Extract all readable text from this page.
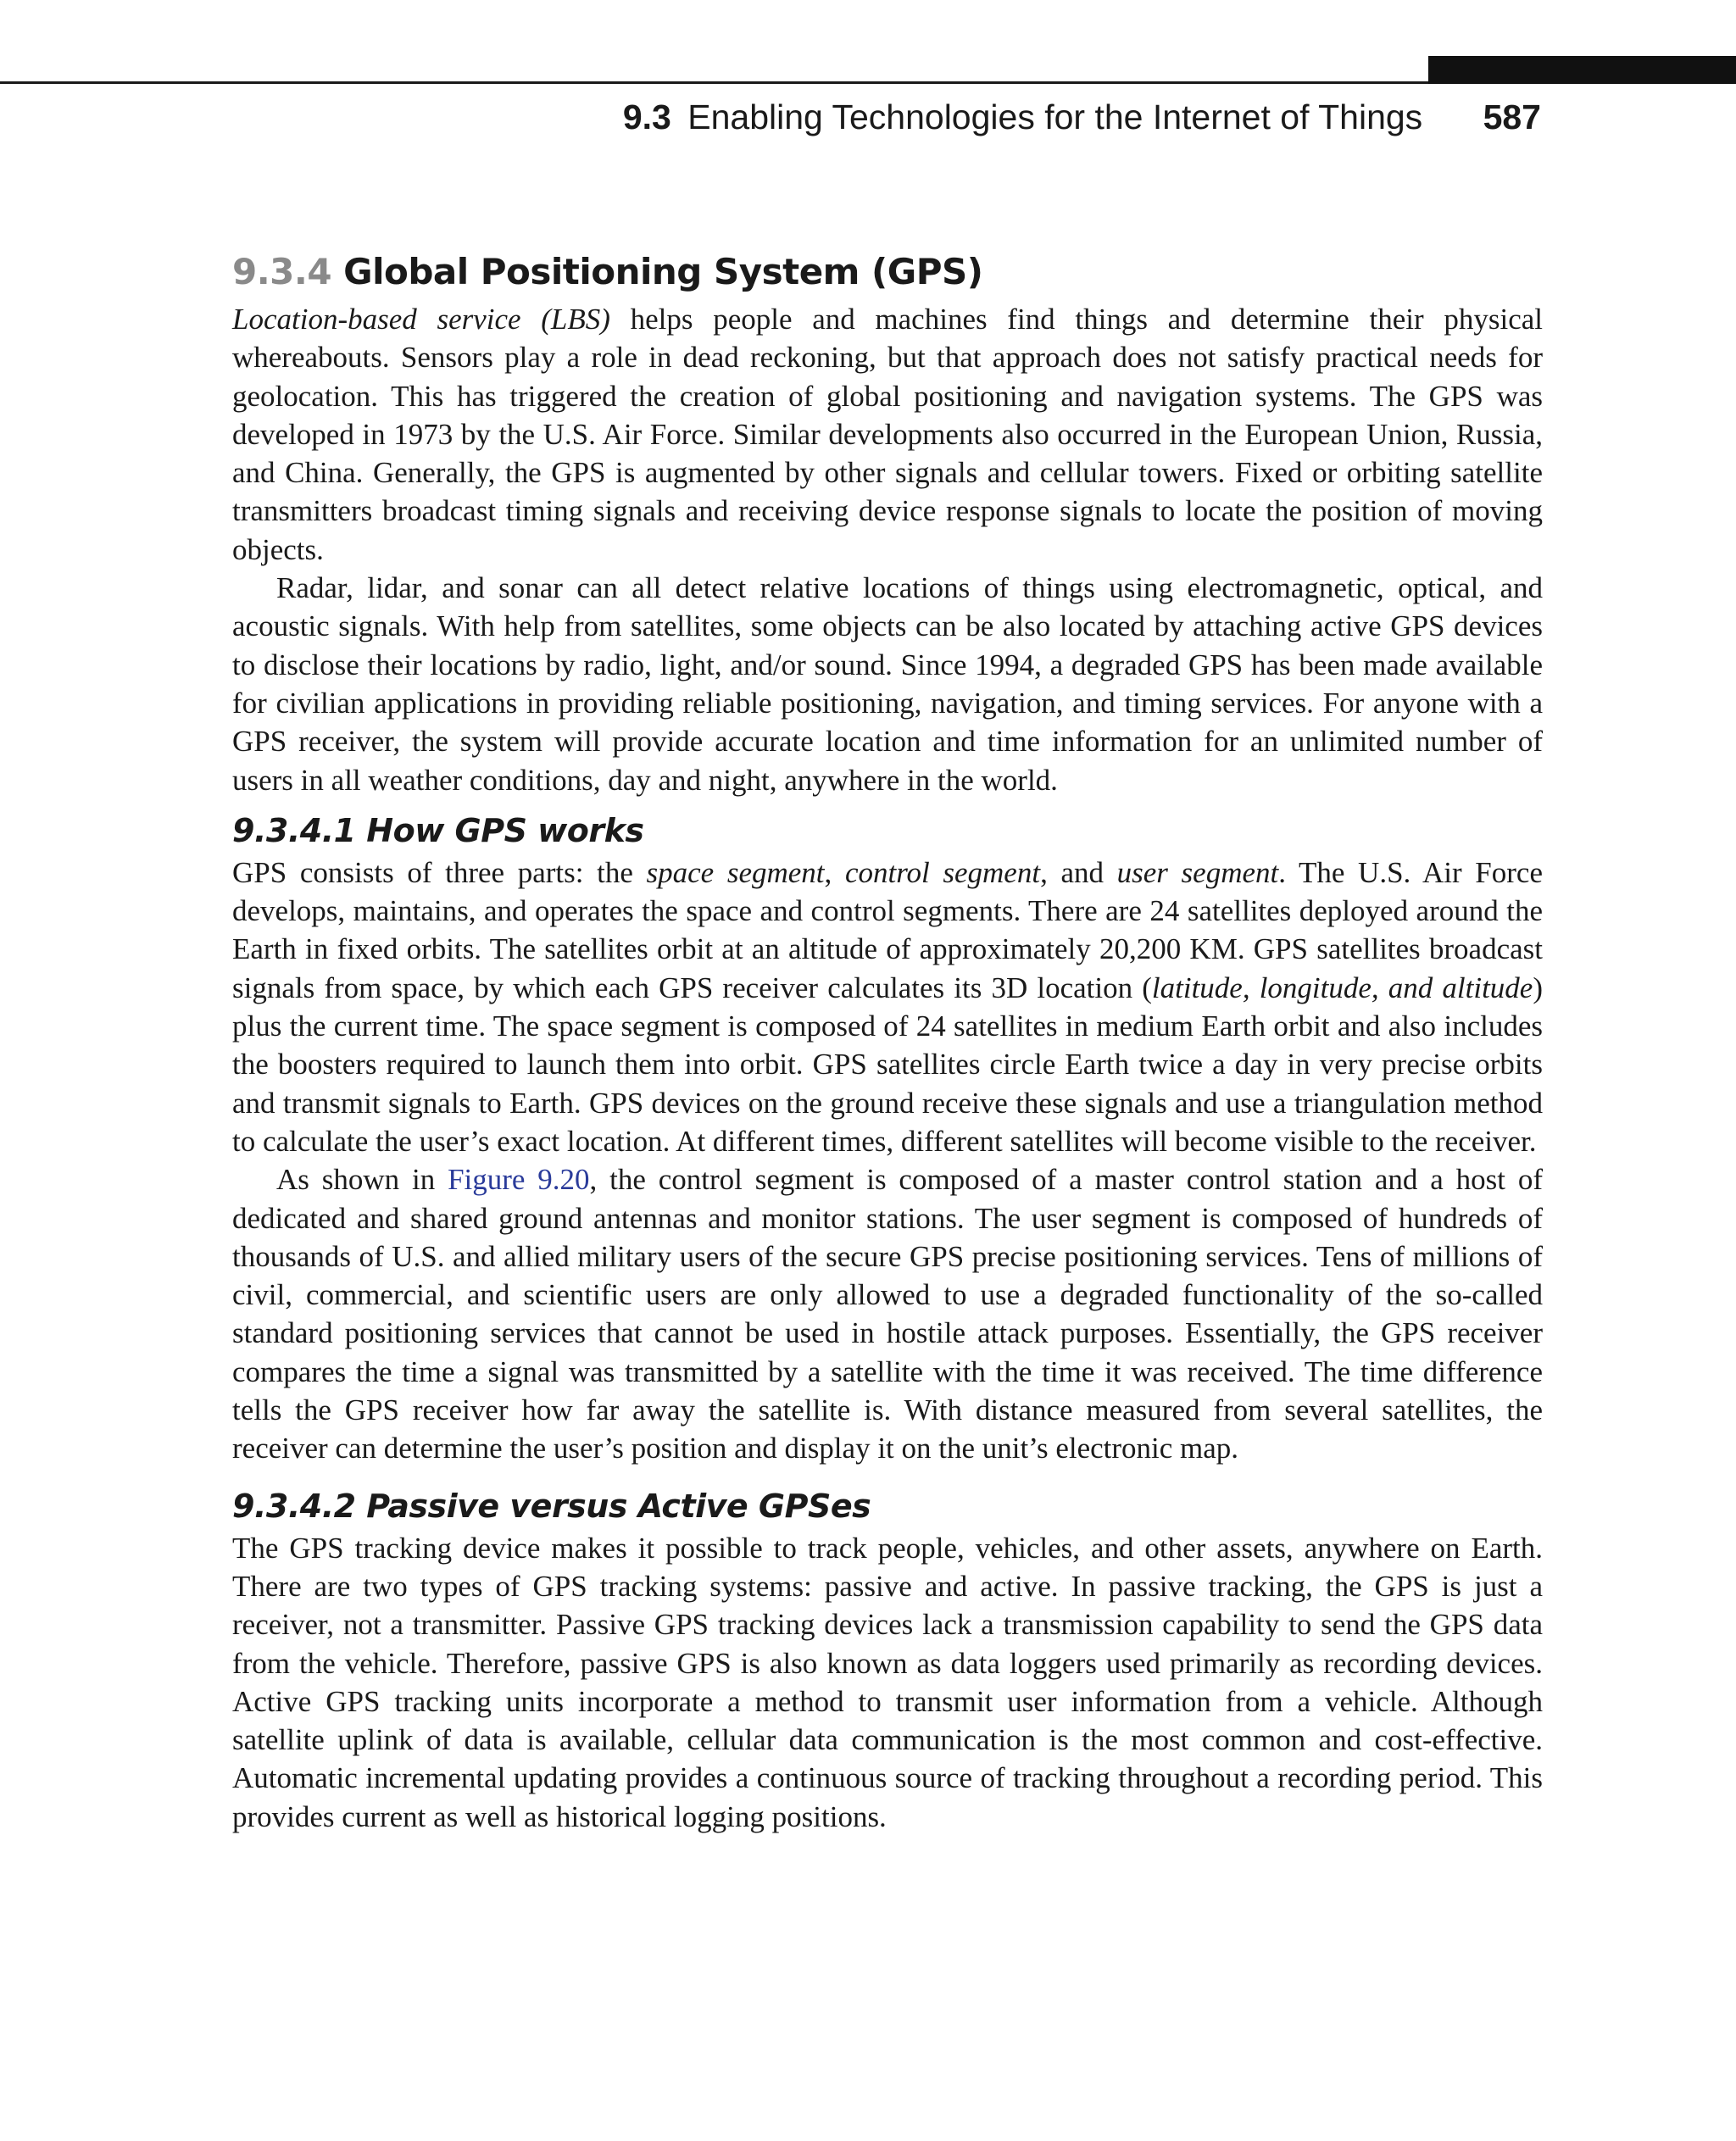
9.3 Enabling Technologies for the Internet of Things 587
9.3.4 Global Positioning System (GPS)

Location-based service (LBS) helps people and machines find things and determine their physical whereabouts. Sensors play a role in dead reckoning, but that approach does not satisfy practical needs for geolocation. This has triggered the creation of global positioning and navigation systems. The GPS was developed in 1973 by the U.S. Air Force. Similar developments also occurred in the European Union, Russia, and China. Generally, the GPS is augmented by other signals and cellular towers. Fixed or orbiting satellite transmitters broadcast timing signals and receiving device response signals to locate the position of moving objects.

Radar, lidar, and sonar can all detect relative locations of things using electromagnetic, optical, and acoustic signals. With help from satellites, some objects can be also located by attaching active GPS devices to disclose their locations by radio, light, and/or sound. Since 1994, a degraded GPS has been made available for civilian applications in providing reliable positioning, navigation, and timing services. For anyone with a GPS receiver, the system will provide accurate location and time information for an unlimited number of users in all weather conditions, day and night, anywhere in the world.

9.3.4.1 How GPS works

GPS consists of three parts: the space segment, control segment, and user segment. The U.S. Air Force develops, maintains, and operates the space and control segments. There are 24 satellites deployed around the Earth in fixed orbits. The satellites orbit at an altitude of approximately 20,200 KM. GPS satellites broadcast signals from space, by which each GPS receiver calculates its 3D location (latitude, longitude, and altitude) plus the current time. The space segment is composed of 24 satellites in medium Earth orbit and also includes the boosters required to launch them into orbit. GPS satellites circle Earth twice a day in very precise orbits and transmit signals to Earth. GPS devices on the ground receive these signals and use a triangulation method to calculate the user’s exact location. At different times, different satellites will become visible to the receiver.

As shown in Figure 9.20, the control segment is composed of a master control station and a host of dedicated and shared ground antennas and monitor stations. The user segment is composed of hundreds of thousands of U.S. and allied military users of the secure GPS precise positioning services. Tens of millions of civil, commercial, and scientific users are only allowed to use a degraded functionality of the so-called standard positioning services that cannot be used in hostile attack purposes. Essentially, the GPS receiver compares the time a signal was transmitted by a satellite with the time it was received. The time difference tells the GPS receiver how far away the satellite is. With distance measured from several satellites, the receiver can determine the user’s position and display it on the unit’s electronic map.

9.3.4.2 Passive versus Active GPSes

The GPS tracking device makes it possible to track people, vehicles, and other assets, anywhere on Earth. There are two types of GPS tracking systems: passive and active. In passive tracking, the GPS is just a receiver, not a transmitter. Passive GPS tracking devices lack a transmission capability to send the GPS data from the vehicle. Therefore, passive GPS is also known as data loggers used primarily as recording devices. Active GPS tracking units incorporate a method to transmit user information from a vehicle. Although satellite uplink of data is available, cellular data communication is the most common and cost-effective. Automatic incremental updating provides a continuous source of tracking throughout a recording period. This provides current as well as historical logging positions.
